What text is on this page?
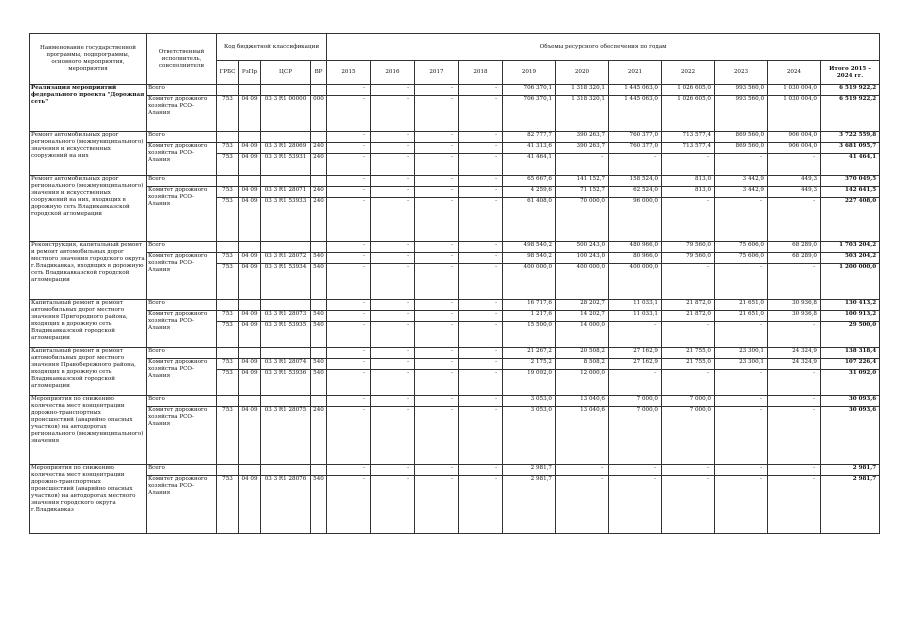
Наименование государственной программы, подпрограммы, основного мероприятия, мероприятия	Ответственный исполнитель, соисполнители	Код бюджетной классификации				Объемы ресурсного обеспечения по годам										
		ГРБС	РзПр	ЦСР	ВР	2015	2016	2017	2018	2019	2020	2021	2022	2023	2024	Итого 2015 – 2024 гг.
Реализация мероприятий федерального проекта "Дорожная сеть"	Всего					-	-	-	-	706 370,1	1 318 320,1	1 445 063,0	1 026 605,0	993 560,0	1 030 004,0	6 519 922,2
	Комитет дорожного хозяйства РСО-Алания	753	04 09	03 3 R1 00000	000	-	-	-	-	706 370,1	1 318 320,1	1 445 063,0	1 026 605,0	993 560,0	1 030 004,0	6 519 922,2
Ремонт автомобильных дорог регионального (межмуниципального) значения и искусственных сооружений на них	Всего					-	-	-	-	82 777,7	390 263,7	760 377,0	713 577,4	869 560,0	906 004,0	3 722 559,8
	Комитет дорожного хозяйства РСО-Алания	753	04 09	03 3 R1 28069	240	-	-	-	-	41 313,6	390 263,7	760 377,0	713 577,4	869 560,0	906 004,0	3 681 095,7
		753	04 09	03 3 R1 53931	240	-	-	-	-	41 464,1	-	-	-	-	-	41 464,1
Ремонт автомобильных дорог регионального (межмуниципального) значения и искусственных сооружений на них, входящих в дорожную сеть Владикавказской городской агломерации	Всего					-	-	-	-	65 667,6	141 152,7	158 524,0	813,0	3 442,9	449,3	370 049,5
	Комитет дорожного хозяйства РСО-Алания	753	04 09	03 3 R1 28071	240	-	-	-	-	4 259,6	71 152,7	62 524,0	813,0	3 442,9	449,3	142 641,5
		753	04 09	03 3 R1 53933	240	-	-	-	-	61 408,0	70 000,0	96 000,0	-	-	-	227 408,0
Реконструкция, капитальный ремонт и ремонт автомобильных дорог местного значения городского округа г.Владикавказ, входящих в дорожную сеть Владикавказской городской агломерации	Всего					-	-	-	-	498 540,2	500 243,0	480 966,0	79 560,0	75 606,0	68 289,0	1 703 204,2
	Комитет дорожного хозяйства РСО-Алания	753	04 09	03 3 R1 28072	540	-	-	-	-	98 540,2	100 243,0	80 966,0	79 560,0	75 606,0	68 289,0	503 204,2
		753	04 09	03 3 R1 53934	540	-	-	-	-	400 000,0	400 000,0	400 000,0	-	-	-	1 200 000,0
Капитальный ремонт и ремонт автомобильных дорог местного значения Пригородного района, входящих в дорожную сеть Владикавказской городской агломерации	Всего					-	-	-	-	16 717,6	28 202,7	11 033,1	21 872,0	21 651,0	30 936,8	130 413,2
	Комитет дорожного хозяйства РСО-Алания	753	04 09	03 3 R1 28073	540	-	-	-	-	1 217,6	14 202,7	11 033,1	21 872,0	21 651,0	30 936,8	100 913,2
		753	04 09	03 3 R1 53935	540	-	-	-	-	15 500,0	14 000,0	-	-	-	-	29 500,0
Капитальный ремонт и ремонт автомобильных дорог местного значения Правобережного района, входящих в дорожную сеть Владикавказской городской агломерации	Всего					-	-	-	-	21 267,2	20 508,2	27 162,9	21 755,0	23 300,1	24 324,9	138 318,4
	Комитет дорожного хозяйства РСО-Алания	753	04 09	03 3 R1 28074	540	-	-	-	-	2 175,2	8 508,2	27 162,9	21 755,0	23 300,1	24 324,9	107 226,4
		753	04 09	03 3 R1 53936	540	-	-	-	-	19 092,0	12 000,0	-	-	-	-	31 092,0
Мероприятия по снижению количества мест концентрации дорожно-транспортных происшествий (аварийно опасных участков) на автодорогах регионального (межмуниципального) значения	Всего					-	-	-	-	3 053,0	13 040,6	7 000,0	7 000,0	-	-	30 093,6
	Комитет дорожного хозяйства РСО-Алания	753	04 09	03 3 R1 28075	240	-	-	-	-	3 053,0	13 040,6	7 000,0	7 000,0	-	-	30 093,6
Мероприятия по снижению количества мест концентрации дорожно-транспортных происшествий (аварийно опасных участков) на автодорогах местного значения городского округа г.Владикавказ	Всего					-	-	-	-	2 981,7	-	-	-	-	-	2 981,7
	Комитет дорожного хозяйства РСО-Алания	753	04 09	03 3 R1 28076	540	-	-	-	-	2 981,7	-	-	-	-	-	2 981,7
